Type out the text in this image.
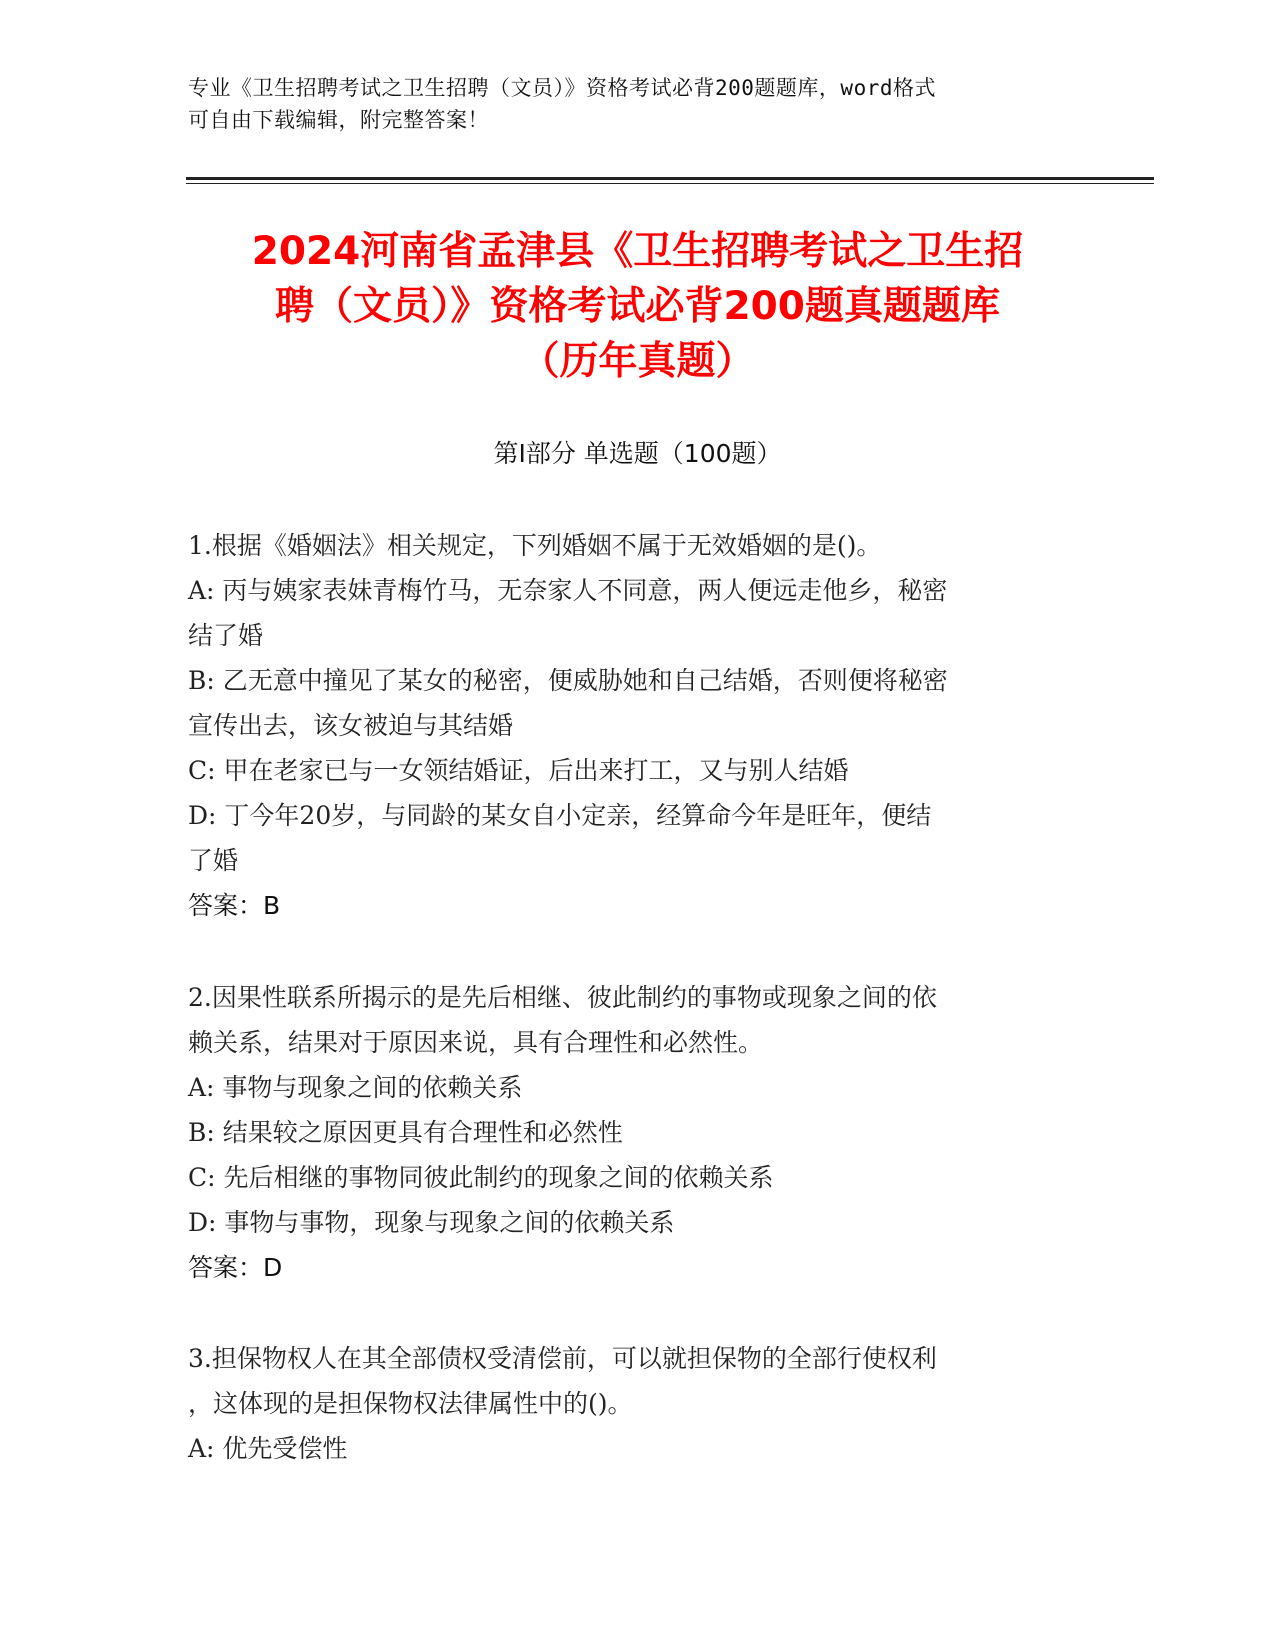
专业《卫生招聘考试之卫生招聘（文员）》资格考试必背200题题库，word格式
可自由下载编辑，附完整答案！
2024河南省孟津县《卫生招聘考试之卫生招
聘（文员）》资格考试必背200题真题题库
（历年真题）
第Ⅰ部分 单选题（100题）
1.根据《婚姻法》相关规定，下列婚姻不属于无效婚姻的是()。
A: 丙与姨家表妹青梅竹马，无奈家人不同意，两人便远走他乡，秘密
结了婚
B: 乙无意中撞见了某女的秘密，便威胁她和自己结婚，否则便将秘密
宣传出去，该女被迫与其结婚
C: 甲在老家已与一女领结婚证，后出来打工，又与别人结婚
D: 丁今年20岁，与同龄的某女自小定亲，经算命今年是旺年，便结
了婚
答案：B
2.因果性联系所揭示的是先后相继、彼此制约的事物或现象之间的依
赖关系，结果对于原因来说，具有合理性和必然性。
A: 事物与现象之间的依赖关系
B: 结果较之原因更具有合理性和必然性
C: 先后相继的事物同彼此制约的现象之间的依赖关系
D: 事物与事物，现象与现象之间的依赖关系
答案：D
3.担保物权人在其全部债权受清偿前，可以就担保物的全部行使权利
，这体现的是担保物权法律属性中的()。
A: 优先受偿性
